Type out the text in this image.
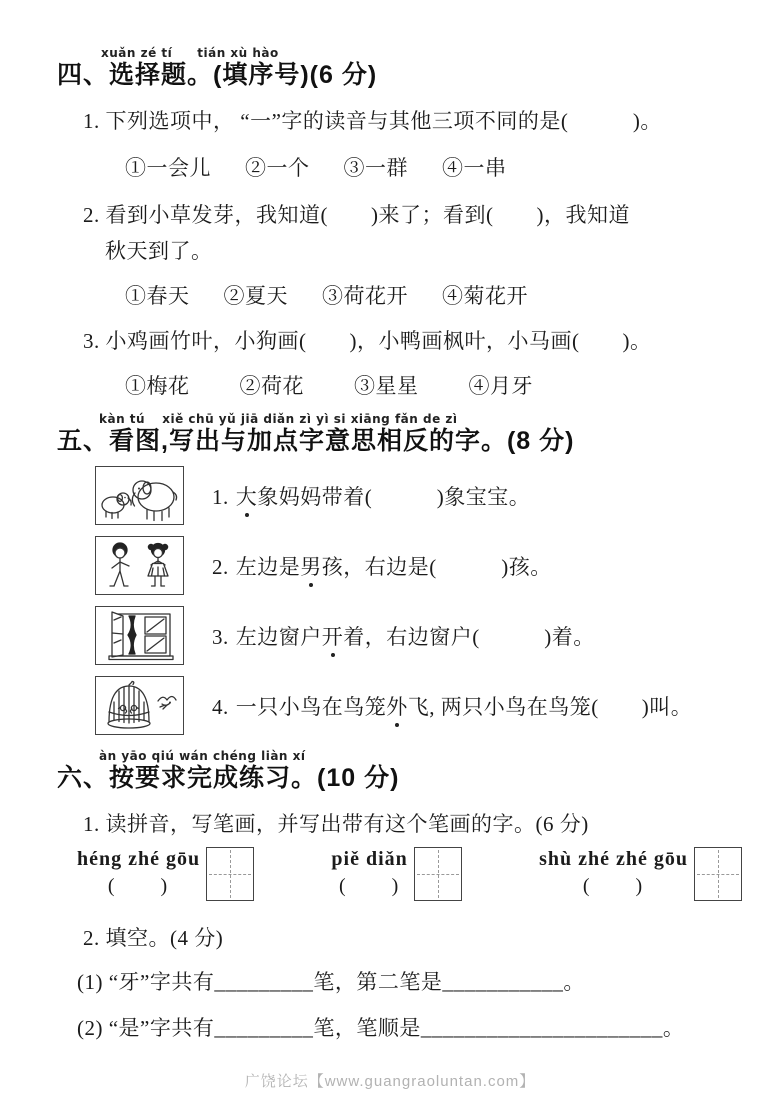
xuǎn zé tí　　tián xù hào
四、选择题。(填序号)(6 分)
1. 下列选项中， “一”字的读音与其他三项不同的是(　　　)。
①一会儿 ②一个 ③一群 ④一串
2. 看到小草发芽，我知道(　　)来了；看到(　　)，我知道
秋天到了。
①春天 ②夏天 ③荷花开 ④菊花开
3. 小鸡画竹叶，小狗画(　　)，小鸭画枫叶，小马画(　　)。
①梅花 ②荷花 ③星星 ④月牙
kàn tú　 xiě chū yǔ jiā diǎn zì yì si xiāng fǎn de zì
五、看图,写出与加点字意思相反的字。(8 分)
1. 大象妈妈带着(　　　)象宝宝。
2. 左边是男孩，右边是(　　　)孩。
3. 左边窗户开着，右边窗户(　　　)着。
4. 一只小鸟在鸟笼外飞, 两只小鸟在鸟笼(　　)叫。
àn yāo qiú wán chéng liàn xí
六、按要求完成练习。(10 分)
1. 读拼音，写笔画，并写出带有这个笔画的字。(6 分)
héng zhé gōu
(　　)
piě diǎn
(　　)
shù zhé zhé gōu
(　　)
2. 填空。(4 分)
(1) “牙”字共有_________笔，第二笔是___________。
(2) “是”字共有_________笔，笔顺是______________________。
广饶论坛【www.guangraoluntan.com】
